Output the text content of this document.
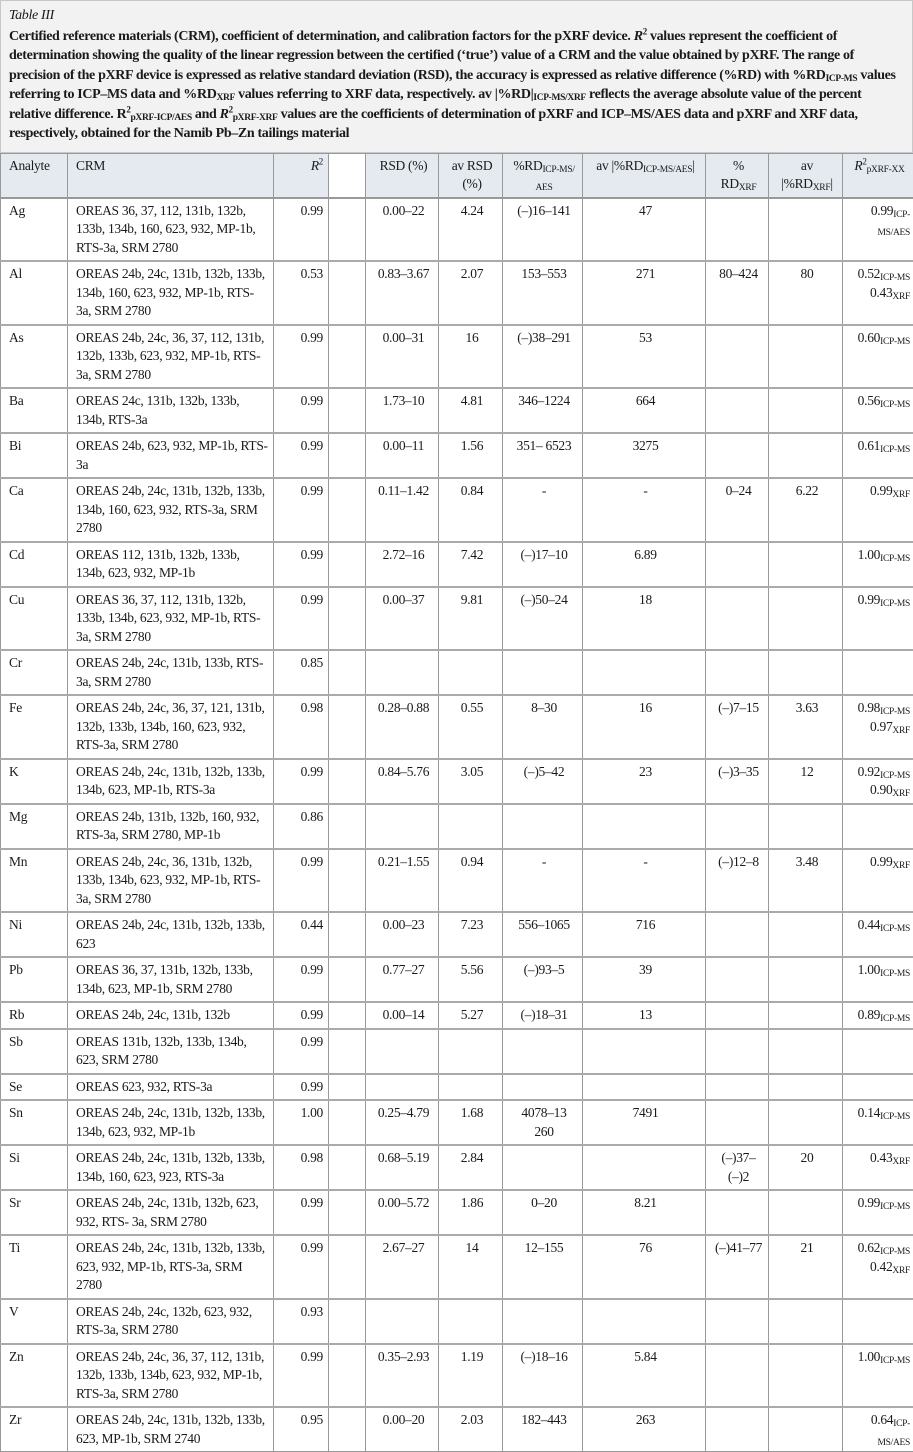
Table III
Certified reference materials (CRM), coefficient of determination, and calibration factors for the pXRF device. $R^2$ values represent the coefficient of determination showing the quality of the linear regression between the certified (‘true’) value of a CRM and the value obtained by pXRF. The range of precision of the pXRF device is expressed as relative standard deviation (RSD), the accuracy is expressed as relative difference (%RD) with $\%RD_{ICP-MS}$ values referring to ICP–MS data and $\%RD_{XRF}$ values referring to XRF data, respectively. av $|\%RD|_{ICP-MS/XRF}$ reflects the average absolute value of the percent relative difference. $R^2_{pXRF-ICP/AES}$ and $R^2_{pXRF-XRF}$ values are the coefficients of determination of pXRF and ICP–MS/AES data and pXRF and XRF data, respectively, obtained for the Namib Pb–Zn tailings material
Analyte	CRM	$R^2$		RSD (%)	av RSD (%)	$\%RD_{ICP-MS/ AES}$	av $|\%RD_{ICP-MS/AES}|$	% $RD_{XRF}$	av $|\%RD_{XRF}|$	$R^2_{pXRF-XX}$
Ag	OREAS 36, 37, 112, 131b, 132b, 133b, 134b, 160, 623, 932, MP-1b, RTS-3a, SRM 2780	0.99		0.00–22	4.24	(–)16–141	47			$0.99_{ICP-MS/AES}$

Al	OREAS 24b, 24c, 131b, 132b, 133b, 134b, 160, 623, 932, MP-1b, RTS-3a, SRM 2780	0.53		0.83–3.67	2.07	153–553	271	80–424	80	$0.52_{ICP-MS}$
$0.43_{XRF}$

As	OREAS 24b, 24c, 36, 37, 112, 131b, 132b, 133b, 623, 932, MP-1b, RTS-3a, SRM 2780	0.99		0.00–31	16	(–)38–291	53			$0.60_{ICP-MS}$

Ba	OREAS 24c, 131b, 132b, 133b, 134b, RTS-3a	0.99		1.73–10	4.81	346–1224	664			$0.56_{ICP-MS}$

Bi	OREAS 24b, 623, 932, MP-1b, RTS-3a	0.99		0.00–11	1.56	351– 6523	3275			$0.61_{ICP-MS}$

Ca	OREAS 24b, 24c, 131b, 132b, 133b, 134b, 160, 623, 932, RTS-3a, SRM 2780	0.99		0.11–1.42	0.84	-	-	0–24	6.22	$0.99_{XRF}$

Cd	OREAS 112, 131b, 132b, 133b, 134b, 623, 932, MP-1b	0.99		2.72–16	7.42	(–)17–10	6.89			$1.00_{ICP-MS}$

Cu	OREAS 36, 37, 112, 131b, 132b, 133b, 134b, 623, 932, MP-1b, RTS-3a, SRM 2780	0.99		0.00–37	9.81	(–)50–24	18			$0.99_{ICP-MS}$

Cr	OREAS 24b, 24c, 131b, 133b, RTS-3a, SRM 2780	0.85								
Fe	OREAS 24b, 24c, 36, 37, 121, 131b, 132b, 133b, 134b, 160, 623, 932, RTS-3a, SRM 2780	0.98		0.28–0.88	0.55	8–30	16	(–)7–15	3.63	$0.98_{ICP-MS}$
$0.97_{XRF}$

K	OREAS 24b, 24c, 131b, 132b, 133b, 134b, 623, MP-1b, RTS-3a	0.99		0.84–5.76	3.05	(–)5–42	23	(–)3–35	12	$0.92_{ICP-MS}$
$0.90_{XRF}$

Mg	OREAS 24b, 131b, 132b, 160, 932, RTS-3a, SRM 2780, MP-1b	0.86								
Mn	OREAS 24b, 24c, 36, 131b, 132b, 133b, 134b, 623, 932, MP-1b, RTS-3a, SRM 2780	0.99		0.21–1.55	0.94	-	-	(–)12–8	3.48	$0.99_{XRF}$

Ni	OREAS 24b, 24c, 131b, 132b, 133b, 623	0.44		0.00–23	7.23	556–1065	716			$0.44_{ICP-MS}$

Pb	OREAS 36, 37, 131b, 132b, 133b, 134b, 623, MP-1b, SRM 2780	0.99		0.77–27	5.56	(–)93–5	39			$1.00_{ICP-MS}$

Rb	OREAS 24b, 24c, 131b, 132b	0.99		0.00–14	5.27	(–)18–31	13			$0.89_{ICP-MS}$

Sb	OREAS 131b, 132b, 133b, 134b, 623, SRM 2780	0.99								
Se	OREAS 623, 932, RTS-3a	0.99								
Sn	OREAS 24b, 24c, 131b, 132b, 133b, 134b, 623, 932, MP-1b	1.00		0.25–4.79	1.68	4078–13 260	7491			$0.14_{ICP-MS}$

Si	OREAS 24b, 24c, 131b, 132b, 133b, 134b, 160, 623, 923, RTS-3a	0.98		0.68–5.19	2.84			(–)37–(–)2	20	$0.43_{XRF}$

Sr	OREAS 24b, 24c, 131b, 132b, 623, 932, RTS- 3a, SRM 2780	0.99		0.00–5.72	1.86	0–20	8.21			$0.99_{ICP-MS}$

Ti	OREAS 24b, 24c, 131b, 132b, 133b, 623, 932, MP-1b, RTS-3a, SRM 2780	0.99		2.67–27	14	12–155	76	(–)41–77	21	$0.62_{ICP-MS}$
$0.42_{XRF}$

V	OREAS 24b, 24c, 132b, 623, 932, RTS-3a, SRM 2780	0.93								
Zn	OREAS 24b, 24c, 36, 37, 112, 131b, 132b, 133b, 134b, 623, 932, MP-1b, RTS-3a, SRM 2780	0.99		0.35–2.93	1.19	(–)18–16	5.84			$1.00_{ICP-MS}$

Zr	OREAS 24b, 24c, 131b, 132b, 133b, 623, MP-1b, SRM 2740	0.95		0.00–20	2.03	182–443	263			$0.64_{ICP-MS/AES}$
